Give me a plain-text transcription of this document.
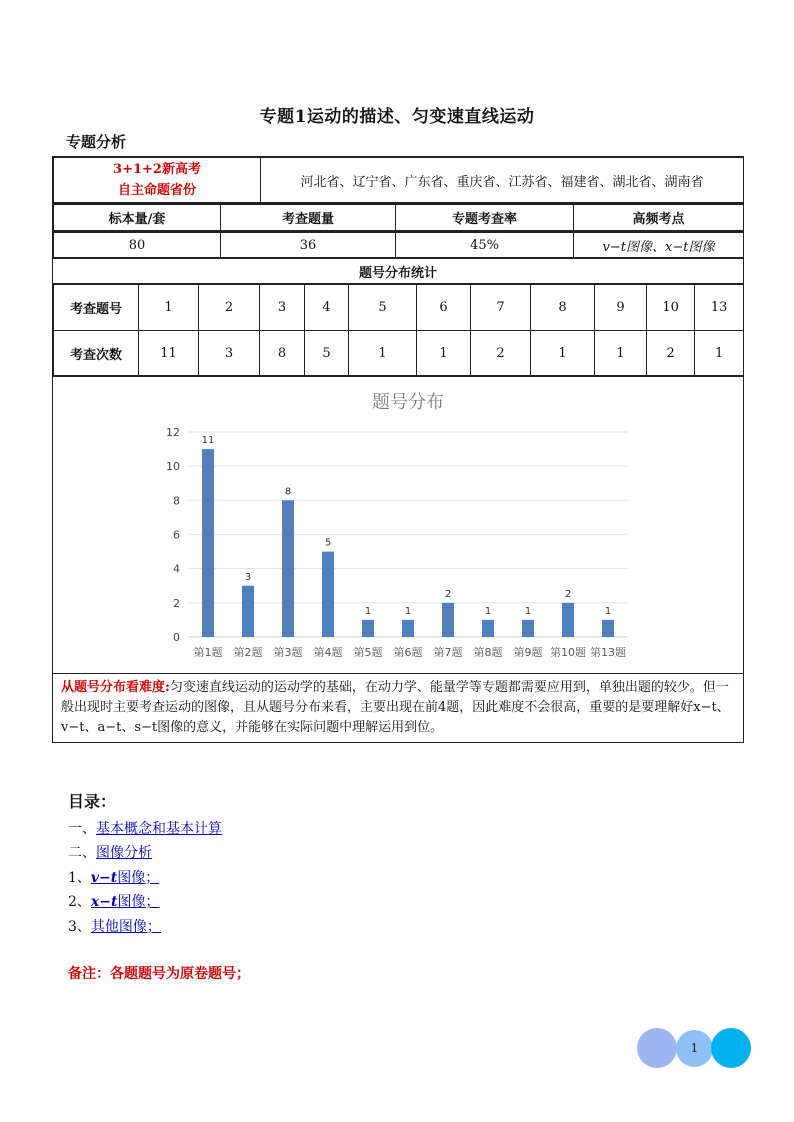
专题1运动的描述、匀变速直线运动
专题分析
3+1+2新高考
自主命题省份
	河北省、辽宁省、广东省、重庆省、江苏省、福建省、湖北省、湖南省

标本量/套	考查题量	专题考查率	高频考点

80	36	45%	v−t图像、x−t图像

题号分布统计

考查题号	1	2	3	4	5	6	7	8	9	10	13
考查次数	11	3	8	5	1	1	2	1	1	2	1

题号分布
0
2
4
6
8
10
12
11
第1题
3
第2题
8
第3题
5
第4题
1
第5题
1
第6题
2
第7题
1
第8题
1
第9题
2
第10题
1
第13题

从题号分布看难度:匀变速直线运动的运动学的基础，在动力学、能量学等专题都需要应用到，单独出题的较少。但一般出现时主要考查运动的图像，且从题号分布来看，主要出现在前4题，因此难度不会很高，重要的是要理解好x−t、v−t、a−t、s−t图像的意义，并能够在实际问题中理解运用到位。
目录：
一、基本概念和基本计算
二、图像分析
1、v−t图像；
2、x−t图像；
3、其他图像；
备注：各题题号为原卷题号；
1
